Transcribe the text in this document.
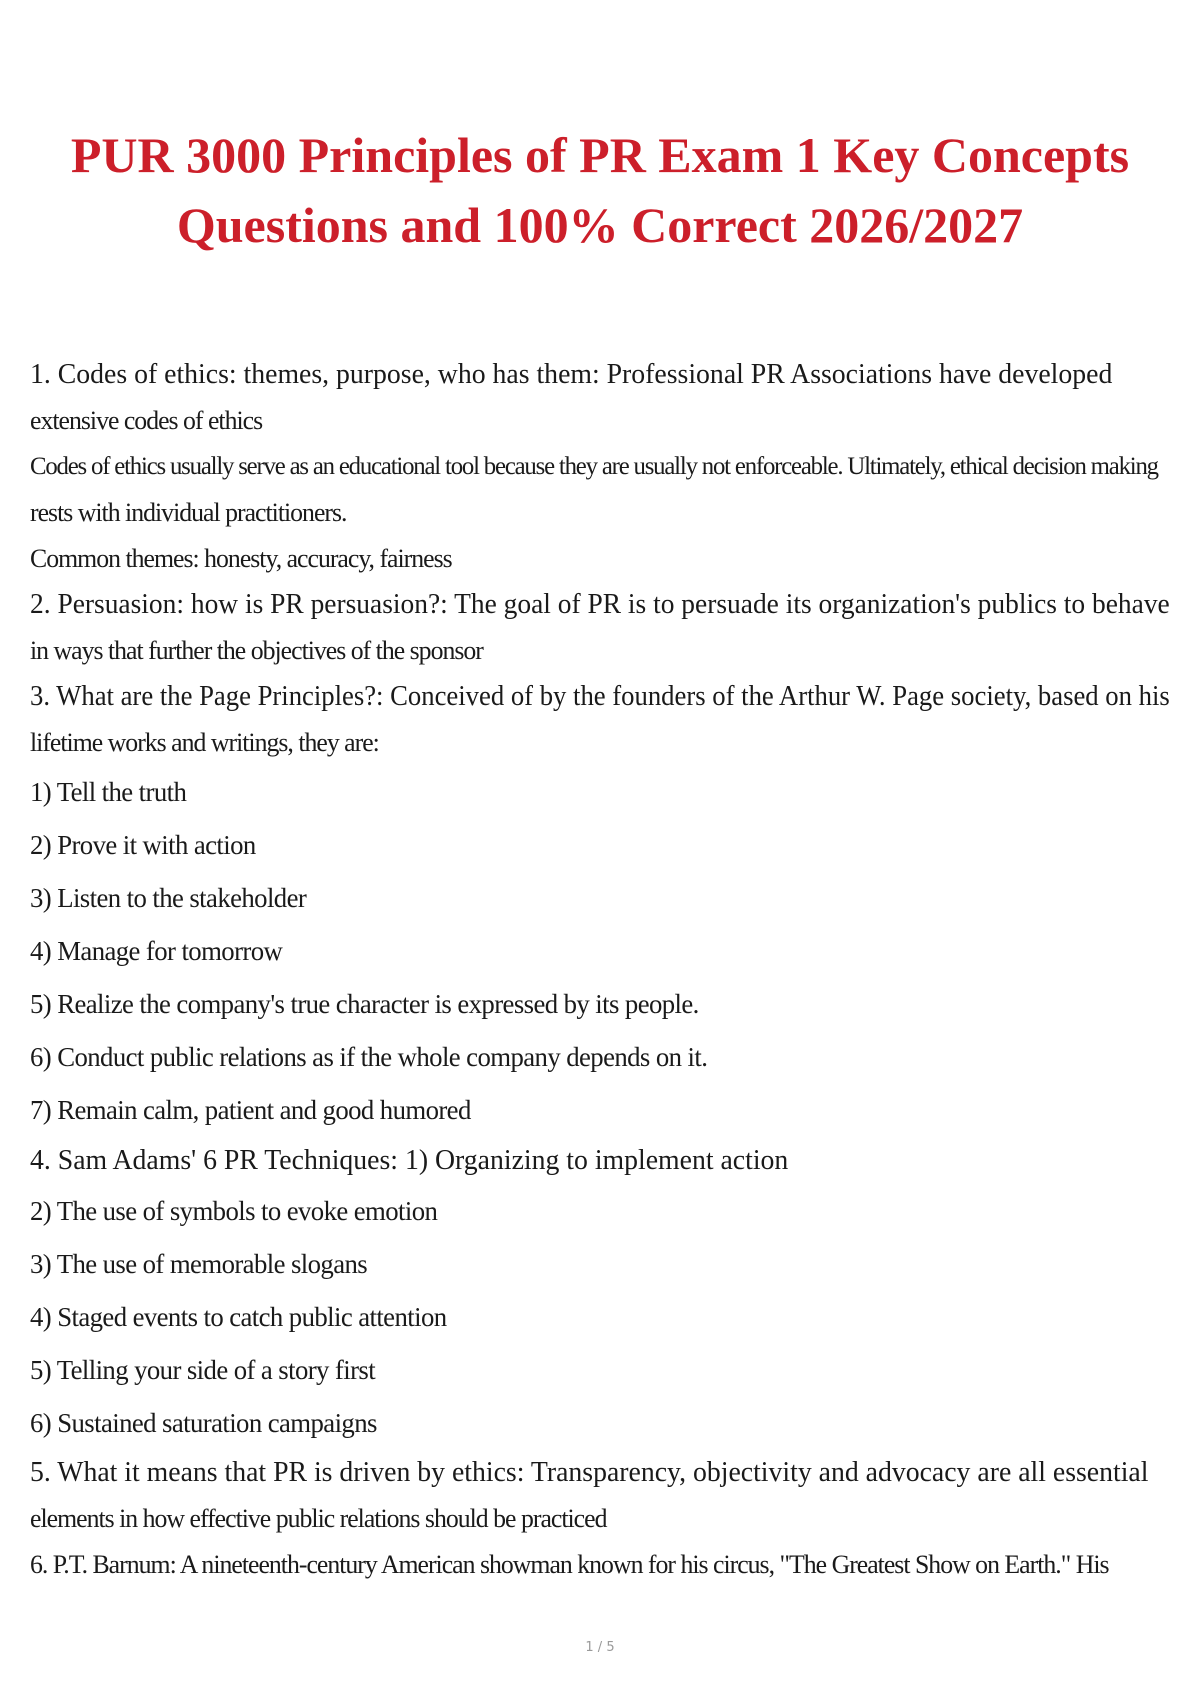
PUR 3000 Principles of PR Exam 1 Key Concepts
Questions and 100% Correct 2026/2027
1. Codes of ethics: themes, purpose, who has them: Professional PR Associations have developed
extensive codes of ethics
Codes of ethics usually serve as an educational tool because they are usually not enforceable. Ultimately, ethical decision making
rests with individual practitioners.
Common themes: honesty, accuracy, fairness
2. Persuasion: how is PR persuasion?: The goal of PR is to persuade its organization's publics to behave
in ways that further the objectives of the sponsor
3. What are the Page Principles?: Conceived of by the founders of the Arthur W. Page society, based on his
lifetime works and writings, they are:
1) Tell the truth
2) Prove it with action
3) Listen to the stakeholder
4) Manage for tomorrow
5) Realize the company's true character is expressed by its people.
6) Conduct public relations as if the whole company depends on it.
7) Remain calm, patient and good humored
4. Sam Adams' 6 PR Techniques: 1) Organizing to implement action
2) The use of symbols to evoke emotion
3) The use of memorable slogans
4) Staged events to catch public attention
5) Telling your side of a story first
6) Sustained saturation campaigns
5. What it means that PR is driven by ethics: Transparency, objectivity and advocacy are all essential
elements in how effective public relations should be practiced
6. P.T. Barnum: A nineteenth-century American showman known for his circus, "The Greatest Show on Earth." His
1 / 5
